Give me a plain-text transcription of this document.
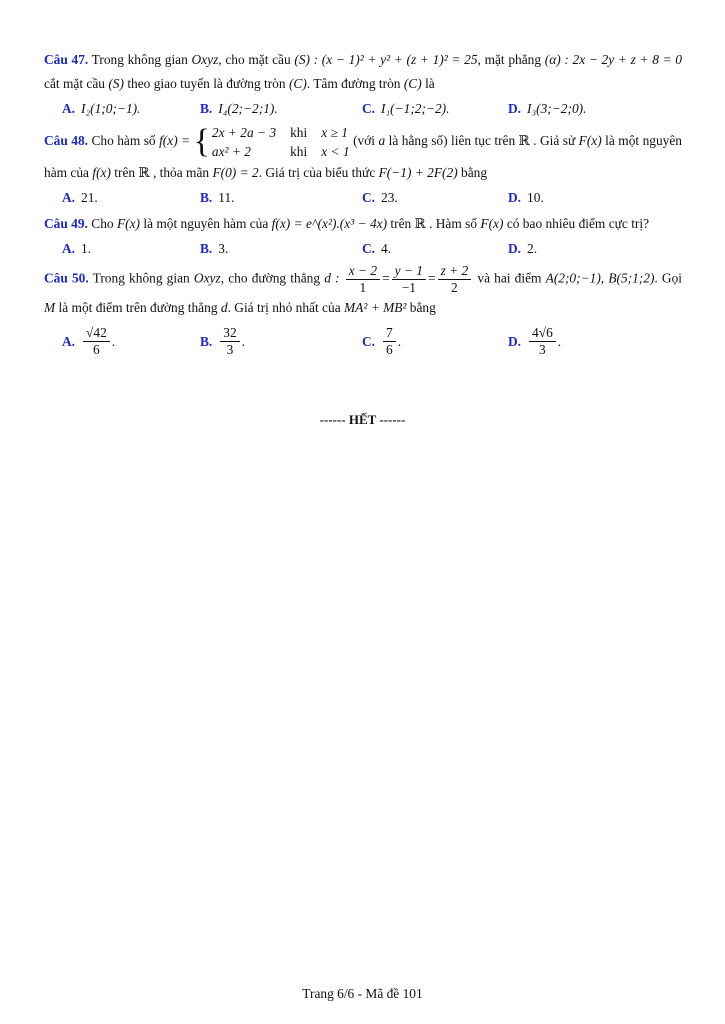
Câu 47. Trong không gian Oxyz, cho mặt cầu (S) : (x − 1)² + y² + (z + 1)² = 25, mặt phẳng (α) : 2x − 2y + z + 8 = 0 cắt mặt cầu (S) theo giao tuyến là đường tròn (C). Tâm đường tròn (C) là
A. I₂(1;0;−1).	B. I₄(2;−2;1).	C. I₁(−1;2;−2).	D. I₃(3;−2;0).
Câu 48. Cho hàm số f(x) = { 2x + 2a − 3 khi x ≥ 1
ax² + 2	khi x < 1
(với a là hằng số) liên tục trên ℝ . Giả sử F(x) là một nguyên hàm của f(x) trên ℝ , thỏa mãn F(0) = 2. Giá trị của biểu thức F(−1) + 2F(2) bằng
A. 21.	B. 11.	C. 23.	D. 10.
Câu 49. Cho F(x) là một nguyên hàm của f(x) = e^(x²).(x³ − 4x) trên ℝ . Hàm số F(x) có bao nhiêu điểm cực trị?
A. 1.	B. 3.	C. 4.	D. 2.
Câu 50. Trong không gian Oxyz, cho đường thẳng d : $\frac{x - 2}{1} = \frac{y - 1}{-1} = \frac{z + 2}{2}$ và hai điểm A(2;0;−1), B(5;1;2). Gọi M là một điểm trên đường thẳng d. Giá trị nhỏ nhất của MA² + MB² bằng
A. $\frac{√42}{6}$ .	B. $\frac{32}{3}$ .	C. $\frac{7}{6}$ .	D. $\frac{4√6}{3}$ .
------ HẾT ------
Trang 6/6 - Mã đề 101
